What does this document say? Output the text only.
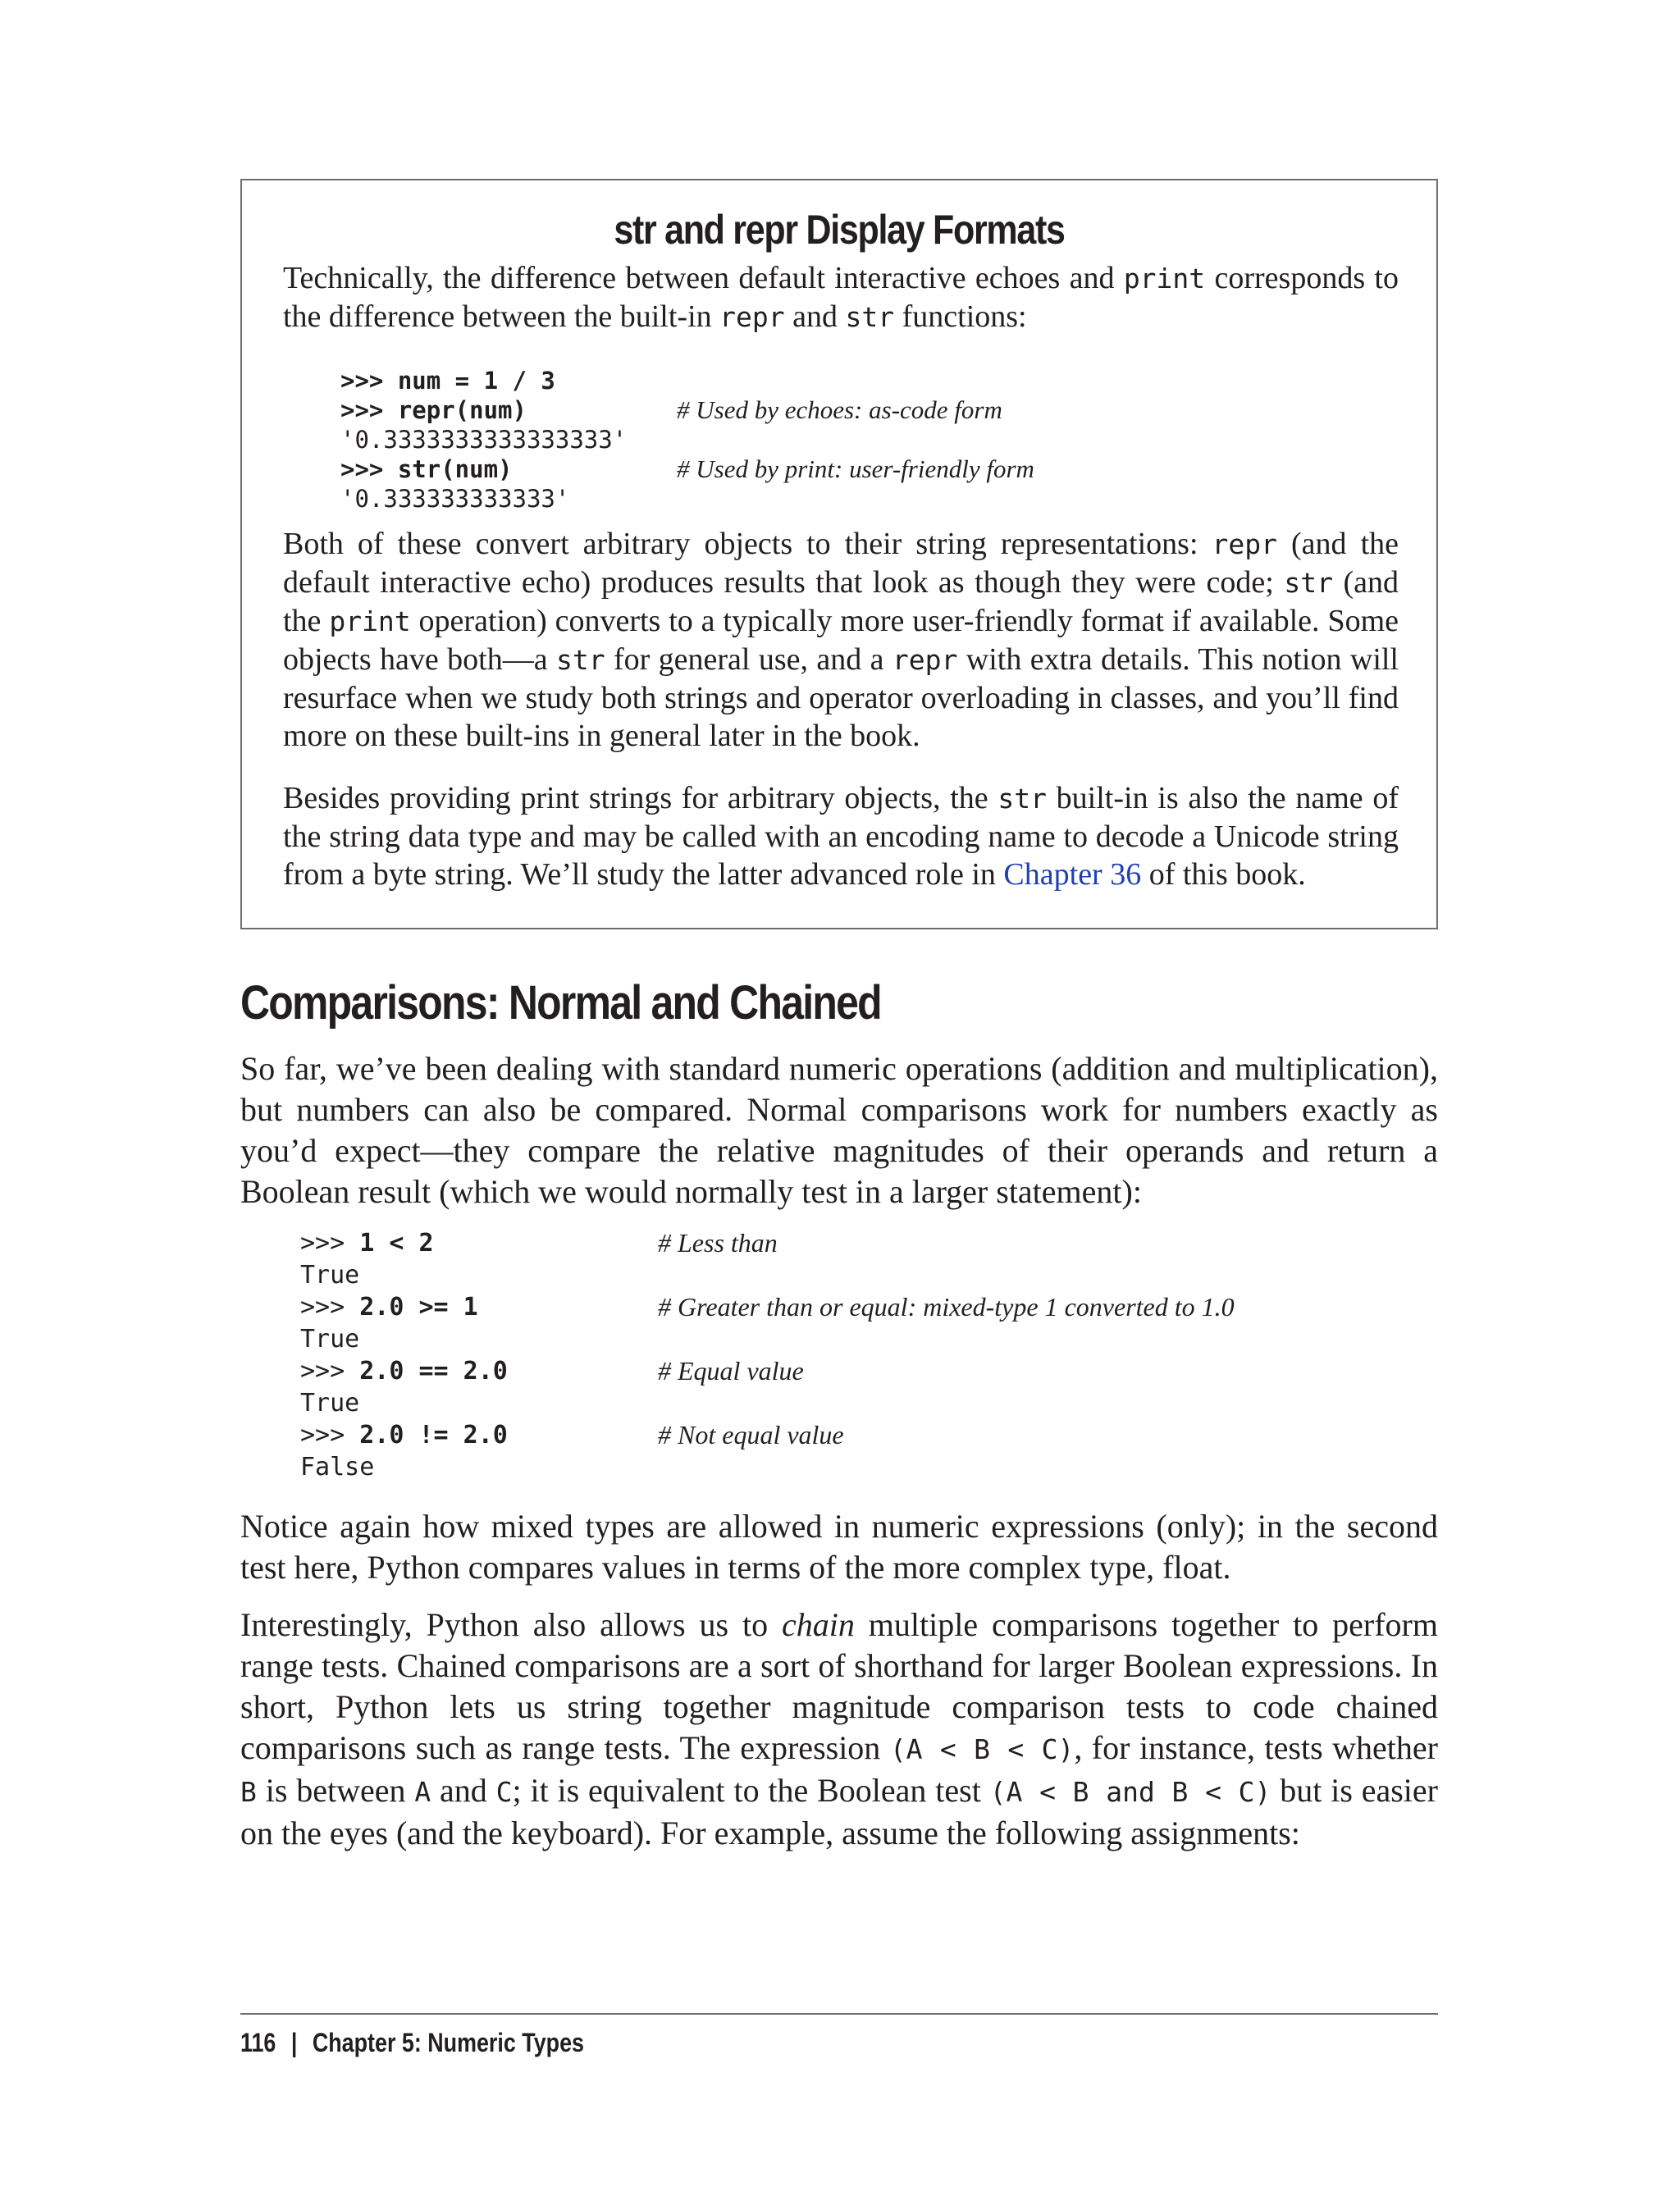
str and repr Display Formats
Technically, the difference between default interactive echoes and print corresponds to the difference between the built-in repr and str functions:
>>> num = 1 / 3
>>> repr(num)	# Used by echoes: as-code form
'0.3333333333333333'
>>> str(num)	# Used by print: user-friendly form
'0.333333333333'
Both of these convert arbitrary objects to their string representations: repr (and the default interactive echo) produces results that look as though they were code; str (and the print operation) converts to a typically more user-friendly format if available. Some objects have both—a str for general use, and a repr with extra details. This notion will resurface when we study both strings and operator overloading in classes, and you’ll find more on these built-ins in general later in the book.
Besides providing print strings for arbitrary objects, the str built-in is also the name of the string data type and may be called with an encoding name to decode a Unicode string from a byte string. We’ll study the latter advanced role in Chapter 36 of this book.
Comparisons: Normal and Chained
So far, we’ve been dealing with standard numeric operations (addition and multiplication), but numbers can also be compared. Normal comparisons work for numbers exactly as you’d expect—they compare the relative magnitudes of their operands and return a Boolean result (which we would normally test in a larger statement):
>>> 1 < 2	# Less than
True
>>> 2.0 >= 1	# Greater than or equal: mixed-type 1 converted to 1.0
True
>>> 2.0 == 2.0	# Equal value
True
>>> 2.0 != 2.0	# Not equal value
False
Notice again how mixed types are allowed in numeric expressions (only); in the second test here, Python compares values in terms of the more complex type, float.
Interestingly, Python also allows us to chain multiple comparisons together to perform range tests. Chained comparisons are a sort of shorthand for larger Boolean expressions. In short, Python lets us string together magnitude comparison tests to code chained comparisons such as range tests. The expression (A < B < C), for instance, tests whether B is between A and C; it is equivalent to the Boolean test (A < B and B < C) but is easier on the eyes (and the keyboard). For example, assume the following assignments:
116 | Chapter 5: Numeric Types
